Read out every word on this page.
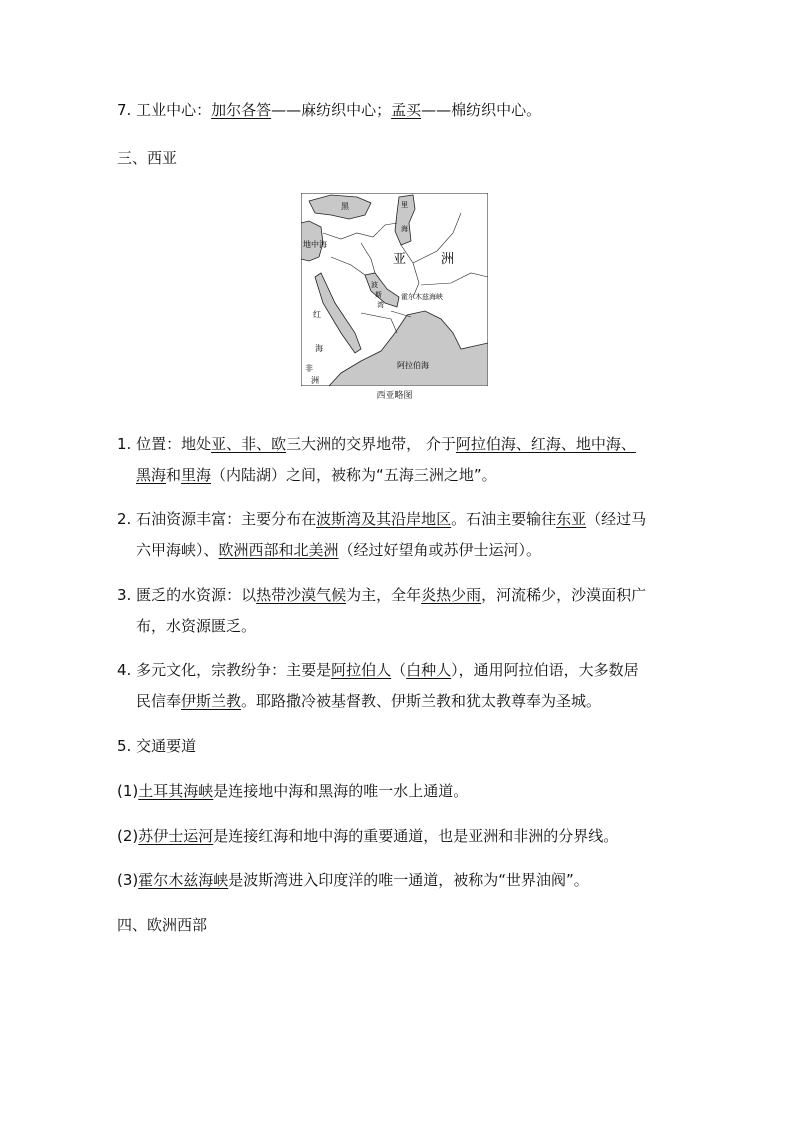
7. 工业中心：加尔各答——麻纺织中心；孟买——棉纺织中心。
三、西亚
黑	里
海
地中海
亚	洲
波
斯
湾
霍尔木兹海峡
红
海
非
洲
阿拉伯海
西亚略图
1. 位置：地处亚、非、欧三大洲的交界地带， 介于阿拉伯海、红海、地中海、
黑海和里海（内陆湖）之间，被称为“五海三洲之地”。
2. 石油资源丰富：主要分布在波斯湾及其沿岸地区。石油主要输往东亚（经过马
六甲海峡）、欧洲西部和北美洲（经过好望角或苏伊士运河）。
3. 匮乏的水资源：以热带沙漠气候为主，全年炎热少雨，河流稀少，沙漠面积广
布，水资源匮乏。
4. 多元文化，宗教纷争：主要是阿拉伯人（白种人），通用阿拉伯语，大多数居
民信奉伊斯兰教。耶路撒冷被基督教、伊斯兰教和犹太教尊奉为圣城。
5. 交通要道
(1)土耳其海峡是连接地中海和黑海的唯一水上通道。
(2)苏伊士运河是连接红海和地中海的重要通道，也是亚洲和非洲的分界线。
(3)霍尔木兹海峡是波斯湾进入印度洋的唯一通道，被称为“世界油阀”。
四、欧洲西部
